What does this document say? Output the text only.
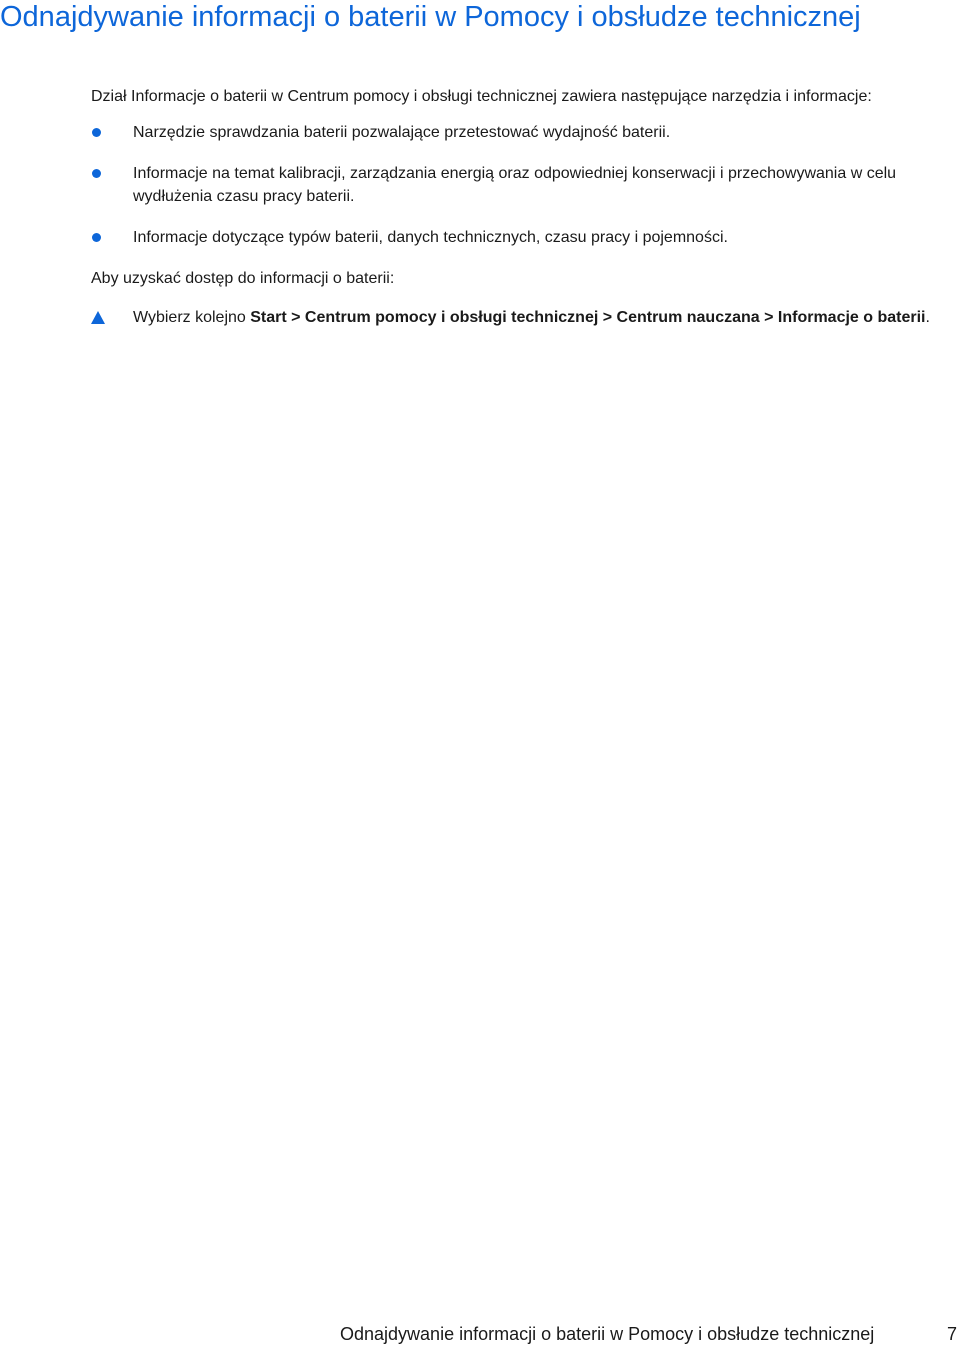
Odnajdywanie informacji o baterii w Pomocy i obsłudze technicznej

Dział Informacje o baterii w Centrum pomocy i obsługi technicznej zawiera następujące narzędzia i informacje:

Narzędzie sprawdzania baterii pozwalające przetestować wydajność baterii.
Informacje na temat kalibracji, zarządzania energią oraz odpowiedniej konserwacji i przechowywania w celu wydłużenia czasu pracy baterii.
Informacje dotyczące typów baterii, danych technicznych, czasu pracy i pojemności.

Aby uzyskać dostęp do informacji o baterii:

Wybierz kolejno Start > Centrum pomocy i obsługi technicznej > Centrum nauczana > Informacje o baterii.
Odnajdywanie informacji o baterii w Pomocy i obsłudze technicznej	7
